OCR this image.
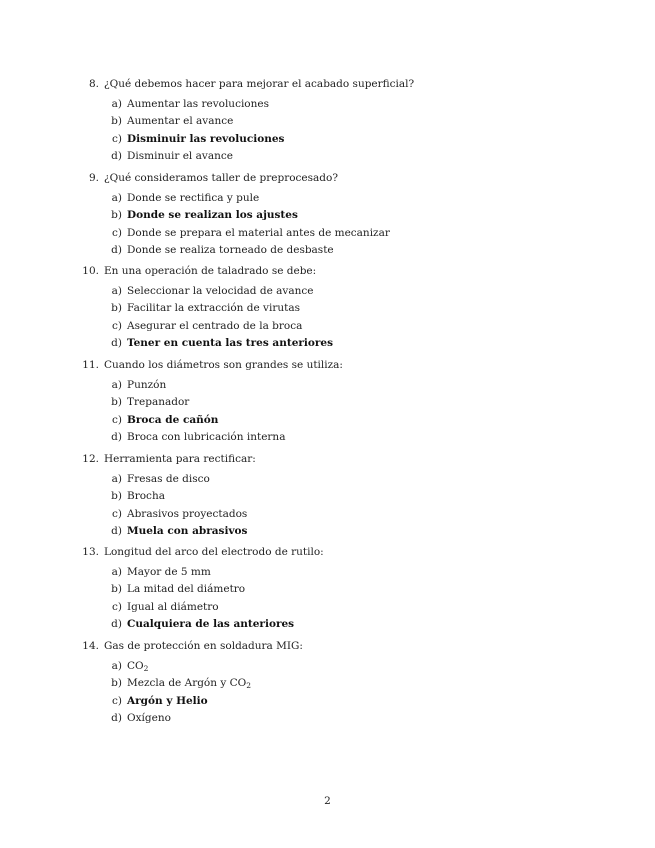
8. ¿Qué debemos hacer para mejorar el acabado superficial?
a) Aumentar las revoluciones
b) Aumentar el avance
c) Disminuir las revoluciones
d) Disminuir el avance
9. ¿Qué consideramos taller de preprocesado?
a) Donde se rectifica y pule
b) Donde se realizan los ajustes
c) Donde se prepara el material antes de mecanizar
d) Donde se realiza torneado de desbaste
10. En una operación de taladrado se debe:
a) Seleccionar la velocidad de avance
b) Facilitar la extracción de virutas
c) Asegurar el centrado de la broca
d) Tener en cuenta las tres anteriores
11. Cuando los diámetros son grandes se utiliza:
a) Punzón
b) Trepanador
c) Broca de cañón
d) Broca con lubricación interna
12. Herramienta para rectificar:
a) Fresas de disco
b) Brocha
c) Abrasivos proyectados
d) Muela con abrasivos
13. Longitud del arco del electrodo de rutilo:
a) Mayor de 5 mm
b) La mitad del diámetro
c) Igual al diámetro
d) Cualquiera de las anteriores
14. Gas de protección en soldadura MIG:
a) $CO_2$
b) Mezcla de Argón y $CO_2$
c) Argón y Helio
d) Oxígeno
2
